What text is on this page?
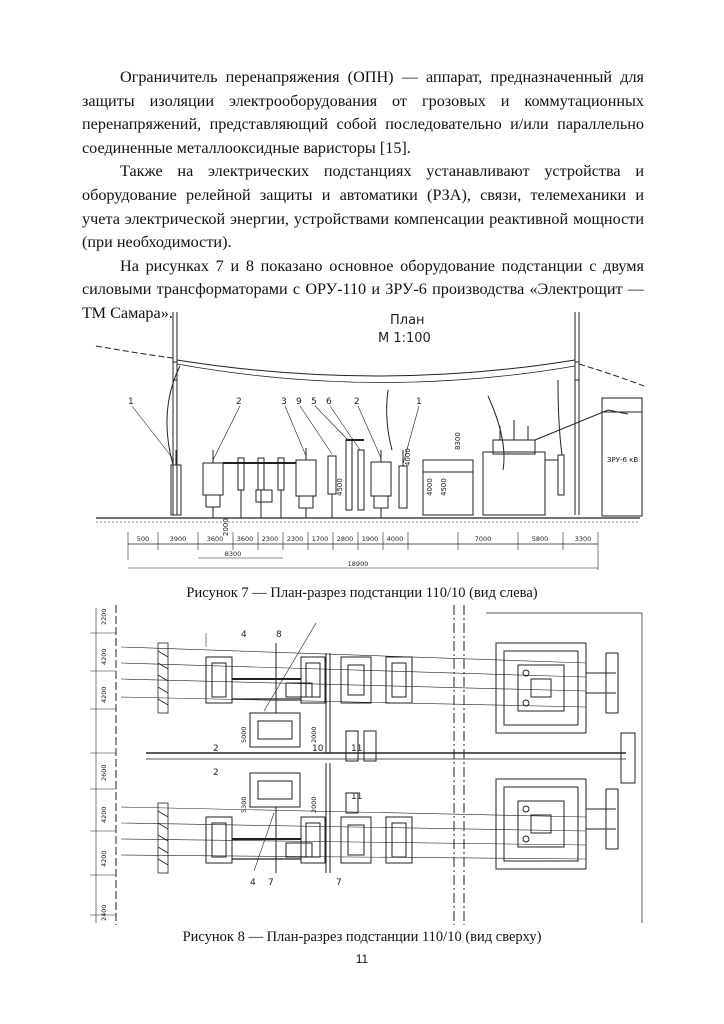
Ограничитель перенапряжения (ОПН) — аппарат, предназначенный для защиты изоляции электрооборудования от грозовых и коммутационных перенапряжений, представляющий собой последовательно и/или параллельно соединенные металлооксидные варисторы [15].

Также на электрических подстанциях устанавливают устройства и оборудование релейной защиты и автоматики (РЗА), связи, телемеханики и учета электрической энергии, устройствами компенсации реактивной мощности (при необходимости).

На рисунках 7 и 8 показано основное оборудование подстанции с двумя силовыми трансформаторами с ОРУ-110 и ЗРУ-6 производства «Электрощит — ТМ Самара».	План
М 1:100
ЗРУ-6 кВ
1	2	3 9 5 6 2	1
4000 4500
8300
4500
4000
2000
500	3900	3600 3600 2300 2300 1700 2800 1900 4000	7000	5800	3300
8300
18900
Рисунок 7 — План-разрез подстанции 110/10 (вид слева)
2200
4200
4200
2600
4200
4200
2400
5000
5300
2000
2000
4	8
2	10	11
11
2
4 7	7
Рисунок 8 — План-разрез подстанции 110/10 (вид сверху)
11
